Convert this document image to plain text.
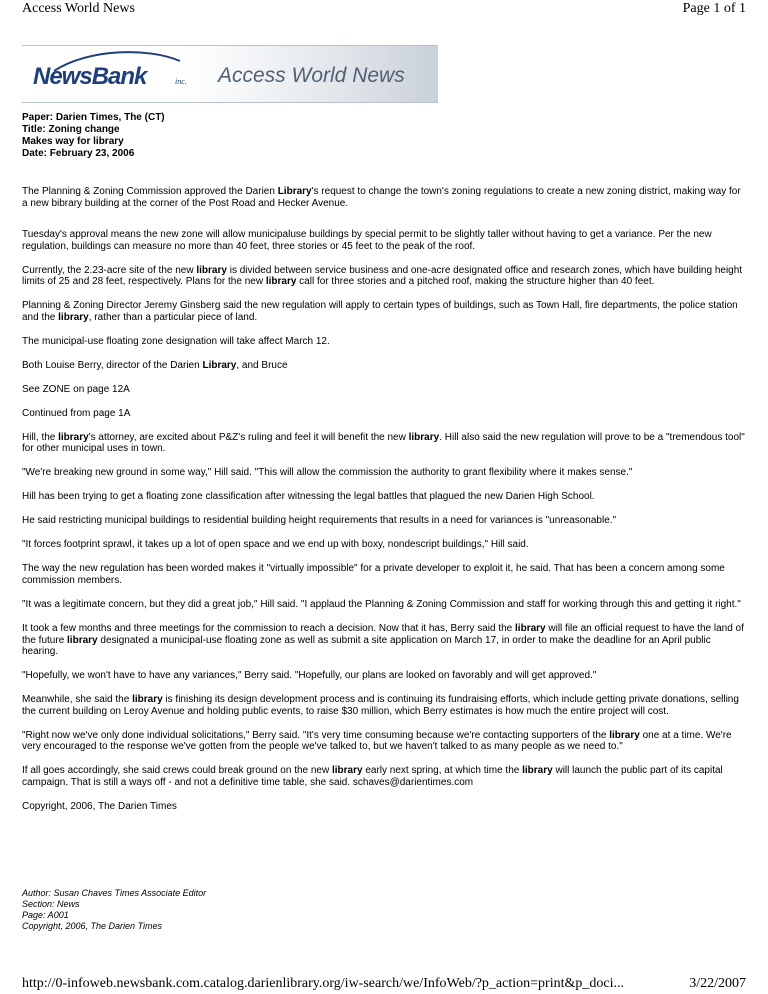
Access World News	Page 1 of 1
NewsBank	inc. Access World News
Paper: Darien Times, The (CT)
Title: Zoning change
Makes way for library
Date: February 23, 2006

The Planning & Zoning Commission approved the Darien Library's request to change the town's zoning regulations to create a new zoning district, making way for a new bibrary building at the corner of the Post Road and Hecker Avenue.

Tuesday's approval means the new zone will allow municipaluse buildings by special permit to be slightly taller without having to get a variance. Per the new regulation, buildings can measure no more than 40 feet, three stories or 45 feet to the peak of the roof.

Currently, the 2.23-acre site of the new library is divided between service business and one-acre designated office and research zones, which have building height limits of 25 and 28 feet, respectively. Plans for the new library call for three stories and a pitched roof, making the structure higher than 40 feet.

Planning & Zoning Director Jeremy Ginsberg said the new regulation will apply to certain types of buildings, such as Town Hall, fire departments, the police station and the library, rather than a particular piece of land.

The municipal-use floating zone designation will take affect March 12.

Both Louise Berry, director of the Darien Library, and Bruce

See ZONE on page 12A

Continued from page 1A

Hill, the library's attorney, are excited about P&Z's ruling and feel it will benefit the new library. Hill also said the new regulation will prove to be a "tremendous tool" for other municipal uses in town.

"We're breaking new ground in some way," Hill said. "This will allow the commission the authority to grant flexibility where it makes sense."

Hill has been trying to get a floating zone classification after witnessing the legal battles that plagued the new Darien High School.

He said restricting municipal buildings to residential building height requirements that results in a need for variances is "unreasonable."

"It forces footprint sprawl, it takes up a lot of open space and we end up with boxy, nondescript buildings," Hill said.

The way the new regulation has been worded makes it "virtually impossible" for a private developer to exploit it, he said. That has been a concern among some commission members.

"It was a legitimate concern, but they did a great job," Hill said. "I applaud the Planning & Zoning Commission and staff for working through this and getting it right."

It took a few months and three meetings for the commission to reach a decision. Now that it has, Berry said the library will file an official request to have the land of the future library designated a municipal-use floating zone as well as submit a site application on March 17, in order to make the deadline for an April public hearing.

"Hopefully, we won't have to have any variances," Berry said. "Hopefully, our plans are looked on favorably and will get approved."

Meanwhile, she said the library is finishing its design development process and is continuing its fundraising efforts, which include getting private donations, selling the current building on Leroy Avenue and holding public events, to raise $30 million, which Berry estimates is how much the entire project will cost.

"Right now we've only done individual solicitations," Berry said. "It's very time consuming because we're contacting supporters of the library one at a time. We're very encouraged to the response we've gotten from the people we've talked to, but we haven't talked to as many people as we need to."

If all goes accordingly, she said crews could break ground on the new library early next spring, at which time the library will launch the public part of its capital campaign. That is still a ways off - and not a definitive time table, she said. schaves@darientimes.com

Copyright, 2006, The Darien Times

Author: Susan Chaves Times Associate Editor
Section: News
Page: A001
Copyright, 2006, The Darien Times
http://0-infoweb.newsbank.com.catalog.darienlibrary.org/iw-search/we/InfoWeb/?p_action=print&p_doci...	3/22/2007
